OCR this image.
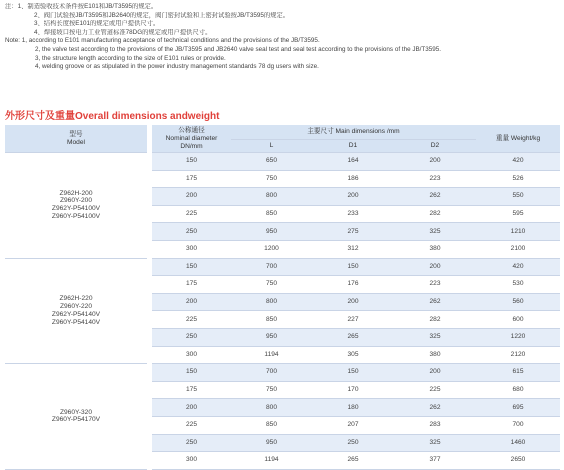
注：1、制造验收技术条件按E101和JB/T3595的规定。
2、阀门试验按JB/T3595和JB2640的规定，阀门密封试验和上密封试验按JB/T3595的规定。
3、结构长度按E101的规定或用户提供尺寸。
4、焊接坡口按电力工业管道标准78DG的规定或用户提供尺寸。
Note: 1, according to E101 manufacturing acceptance of technical conditions and the provisions of the JB/T3595.
2, the valve test according to the provisions of the JB/T3595 and JB2640 valve seal test and seal test according to the provisions of the JB/T3595.
3, the structure length according to the size of E101 rules or provide.
4, welding groove or as stipulated in the power industry management standards 78 dg users with size.
外形尺寸及重量Overall dimensions andweight
型号
Model		公称通径
Nominal diameter
DN/mm	主要尺寸 Main dimensions /mm			重量 Weight/kg
			L	D1	D2	

Z962H-200
Z960Y-200
Z962Y-P54100V
Z960Y-P54100V		150	650	164	200	420
		175	750	186	223	526
		200	800	200	262	550
		225	850	233	282	595
		250	950	275	325	1210
		300	1200	312	380	2100

Z962H-220
Z960Y-220
Z962Y-P54140V
Z960Y-P54140V		150	700	150	200	420
		175	750	176	223	530
		200	800	200	262	560
		225	850	227	282	600
		250	950	265	325	1220
		300	1194	305	380	2120

Z960Y-320
Z960Y-P54170V		150	700	150	200	615
		175	750	170	225	680
		200	800	180	262	695
		225	850	207	283	700
		250	950	250	325	1460
		300	1194	265	377	2650
